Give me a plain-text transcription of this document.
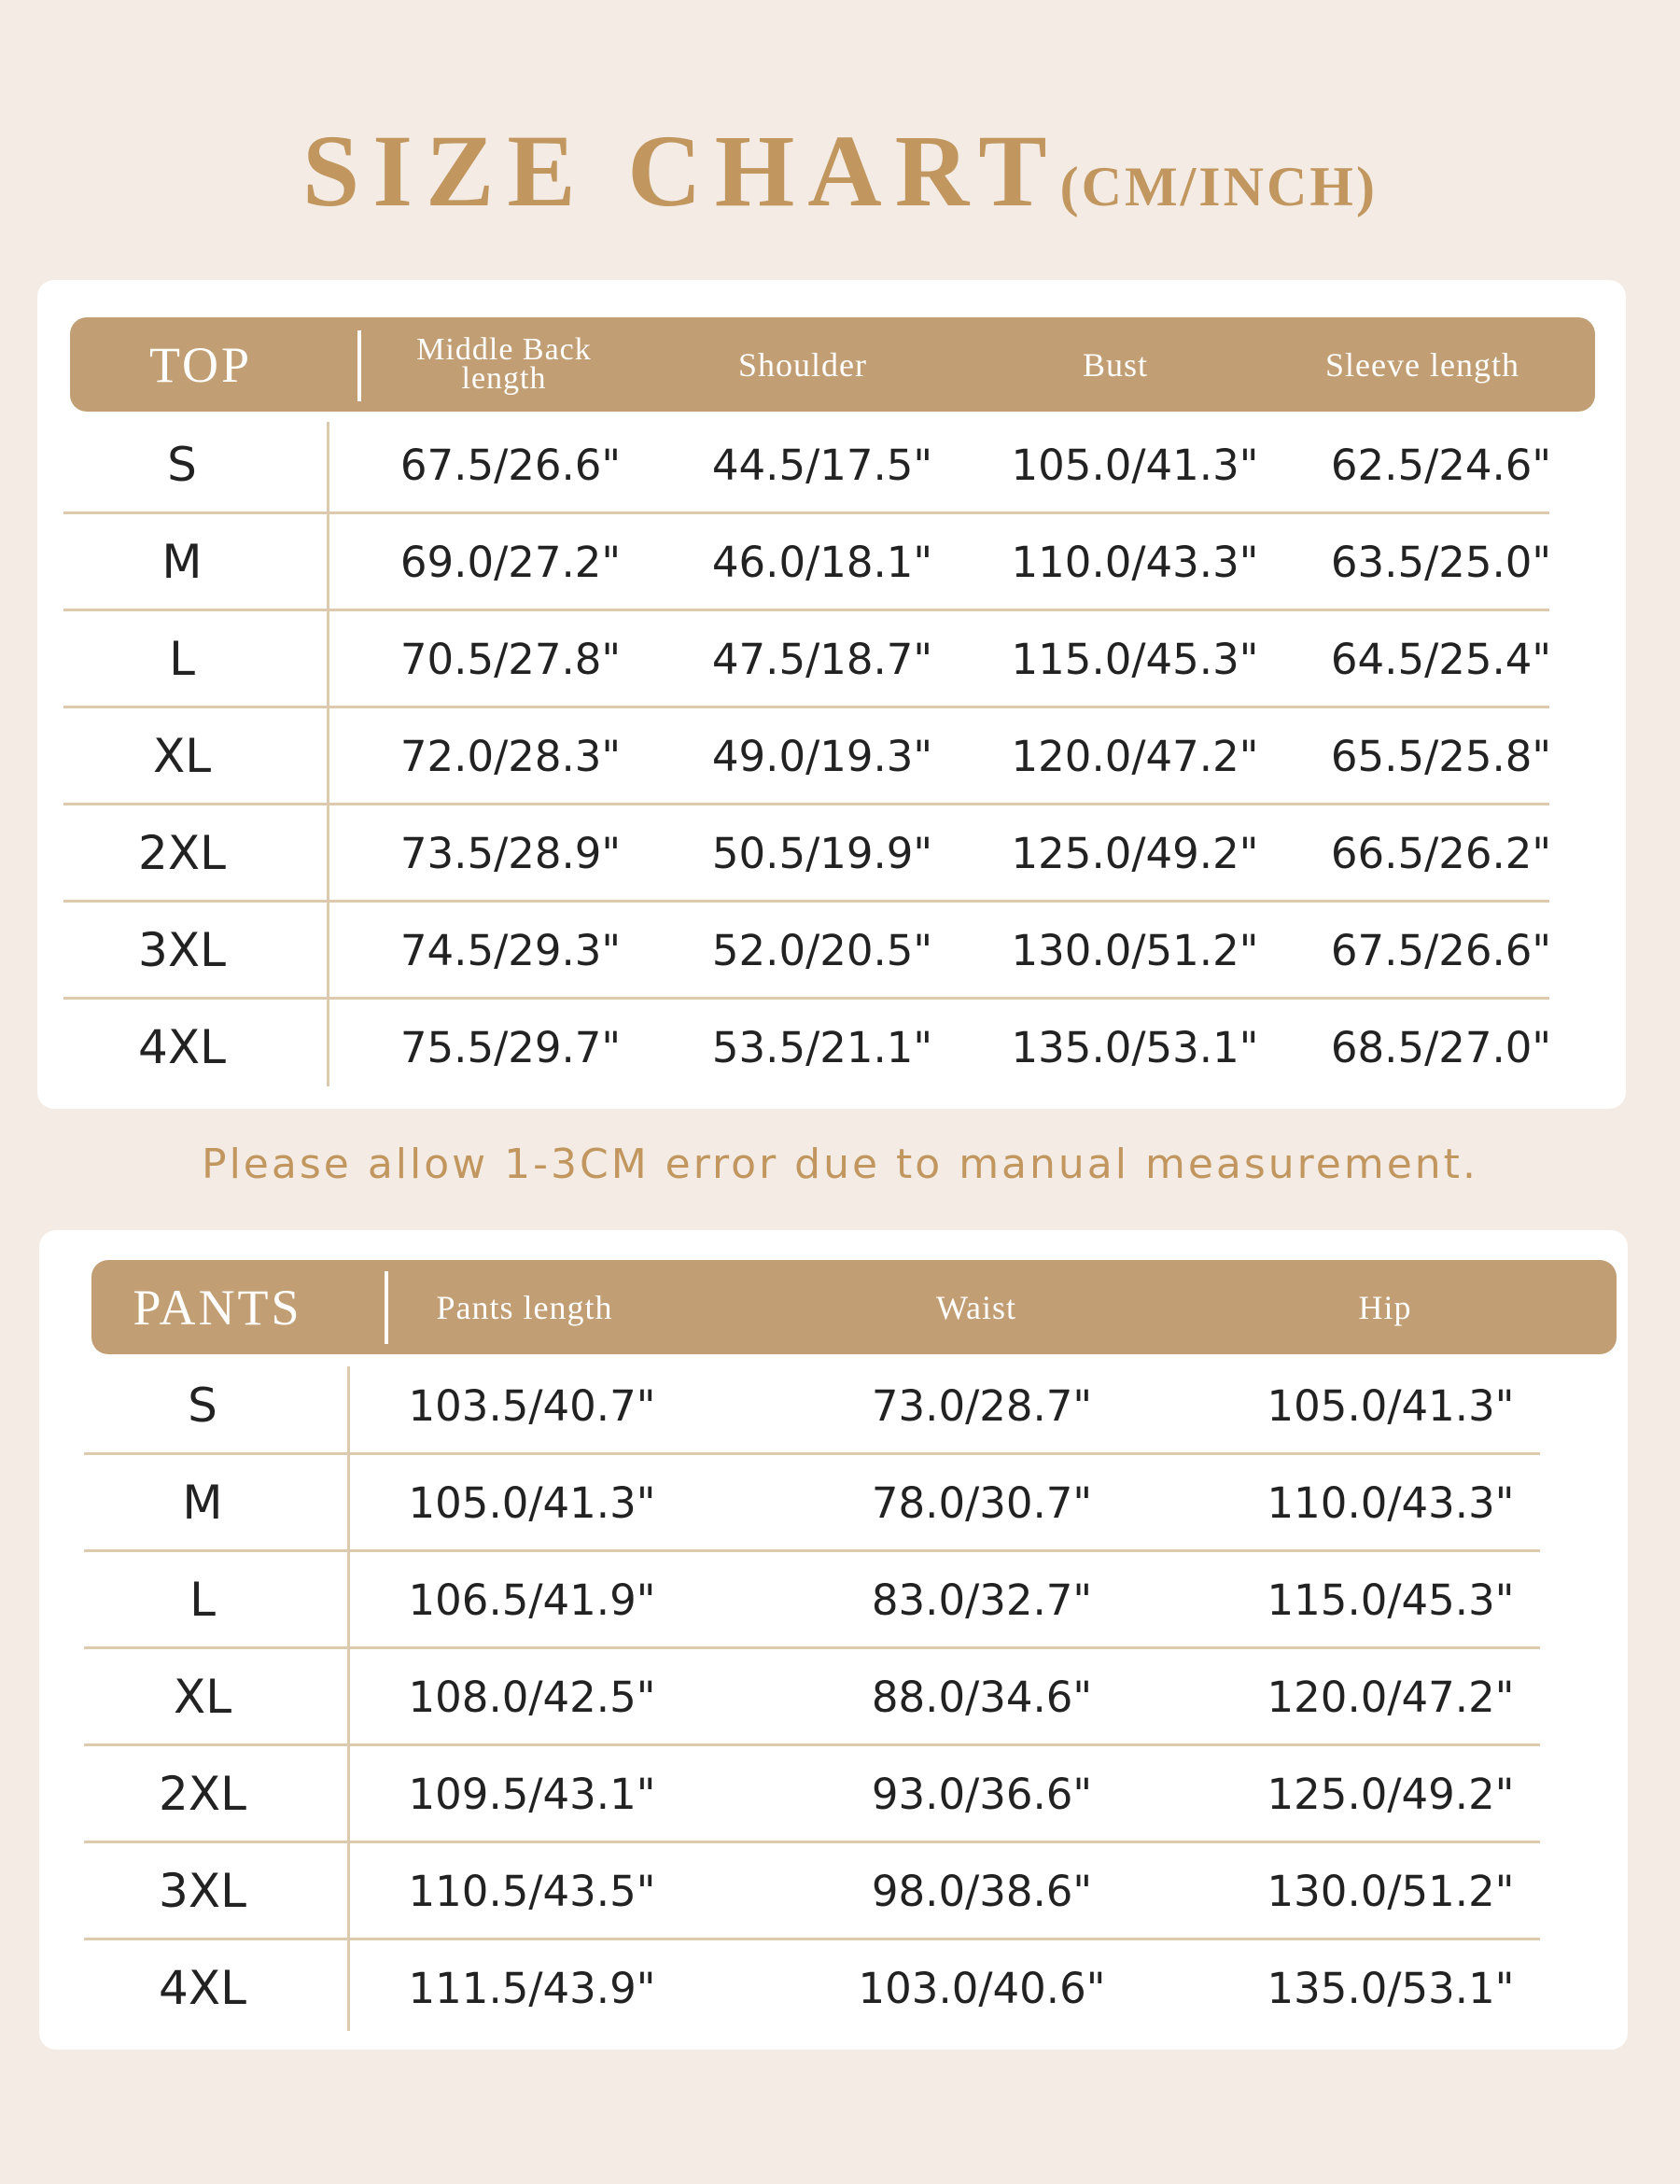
SIZE CHART(CM/INCH)
TOP	Middle Back length	Shoulder	Bust	Sleeve length
S	67.5/26.6"	44.5/17.5"	105.0/41.3"	62.5/24.6"
M	69.0/27.2"	46.0/18.1"	110.0/43.3"	63.5/25.0"
L	70.5/27.8"	47.5/18.7"	115.0/45.3"	64.5/25.4"
XL	72.0/28.3"	49.0/19.3"	120.0/47.2"	65.5/25.8"
2XL	73.5/28.9"	50.5/19.9"	125.0/49.2"	66.5/26.2"
3XL	74.5/29.3"	52.0/20.5"	130.0/51.2"	67.5/26.6"
4XL	75.5/29.7"	53.5/21.1"	135.0/53.1"	68.5/27.0"
Please allow 1-3CM error due to manual measurement.
PANTS	Pants length	Waist	Hip
S	103.5/40.7"	73.0/28.7"	105.0/41.3"
M	105.0/41.3"	78.0/30.7"	110.0/43.3"
L	106.5/41.9"	83.0/32.7"	115.0/45.3"
XL	108.0/42.5"	88.0/34.6"	120.0/47.2"
2XL	109.5/43.1"	93.0/36.6"	125.0/49.2"
3XL	110.5/43.5"	98.0/38.6"	130.0/51.2"
4XL	111.5/43.9"	103.0/40.6"	135.0/53.1"
